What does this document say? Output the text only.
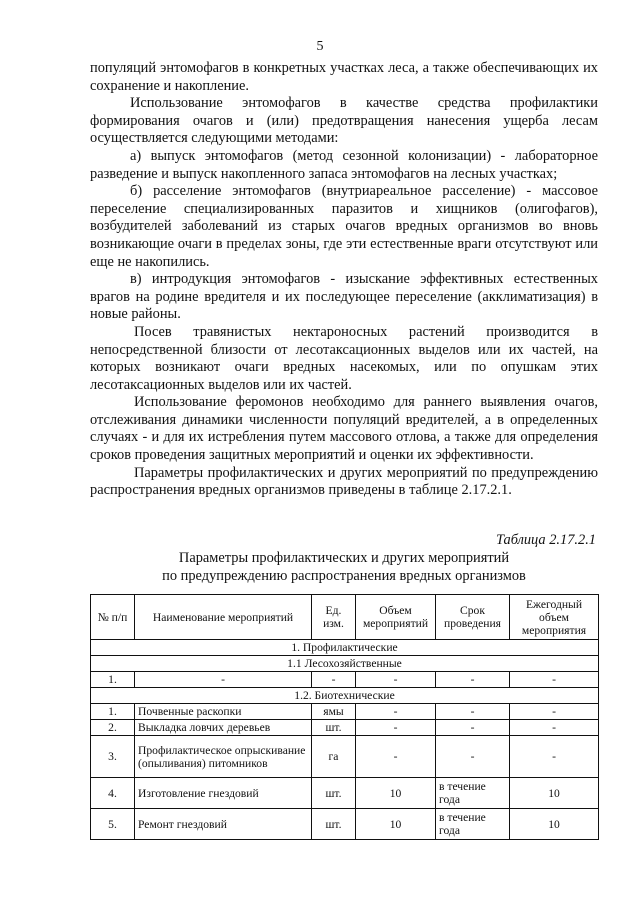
5

популяций энтомофагов в конкретных участках леса, а также обеспечивающих их сохранение и накопление.

Использование энтомофагов в качестве средства профилактики формирования очагов и (или) предотвращения нанесения ущерба лесам осуществляется следующими методами:

а) выпуск энтомофагов (метод сезонной колонизации) - лабораторное разведение и выпуск накопленного запаса энтомофагов на лесных участках;

б) расселение энтомофагов (внутриареальное расселение) - массовое переселение специализированных паразитов и хищников (олигофагов), возбудителей заболеваний из старых очагов вредных организмов во вновь возникающие очаги в пределах зоны, где эти естественные враги отсутствуют или еще не накопились.

в) интродукция энтомофагов - изыскание эффективных естественных врагов на родине вредителя и их последующее переселение (акклиматизация) в новые районы.

Посев травянистых нектароносных растений производится в непосредственной близости от лесотаксационных выделов или их частей, на которых возникают очаги вредных насекомых, или по опушкам этих лесотаксационных выделов или их частей.

Использование феромонов необходимо для раннего выявления очагов, отслеживания динамики численности популяций вредителей, а в определенных случаях - и для их истребления путем массового отлова, а также для определения сроков проведения защитных мероприятий и оценки их эффективности.

Параметры профилактических и других мероприятий по предупреждению распространения вредных организмов приведены в таблице 2.17.2.1.

Таблица 2.17.2.1
Параметры профилактических и других мероприятий
по предупреждению распространения вредных организмов
№ п/п	Наименование мероприятий	Ед. изм.	Объем мероприятий	Срок проведения	Ежегодный объем мероприятия
1. Профилактические					
1.1 Лесохозяйственные					
1.	-	-	-	-	-
1.2. Биотехнические					
1.	Почвенные раскопки	ямы	-	-	-
2.	Выкладка ловчих деревьев	шт.	-	-	-
3.	Профилактическое опрыскивание (опыливания) питомников	га	-	-	-
4.	Изготовление гнездовий	шт.	10	в течение года	10
5.	Ремонт гнездовий	шт.	10	в течение года	10
